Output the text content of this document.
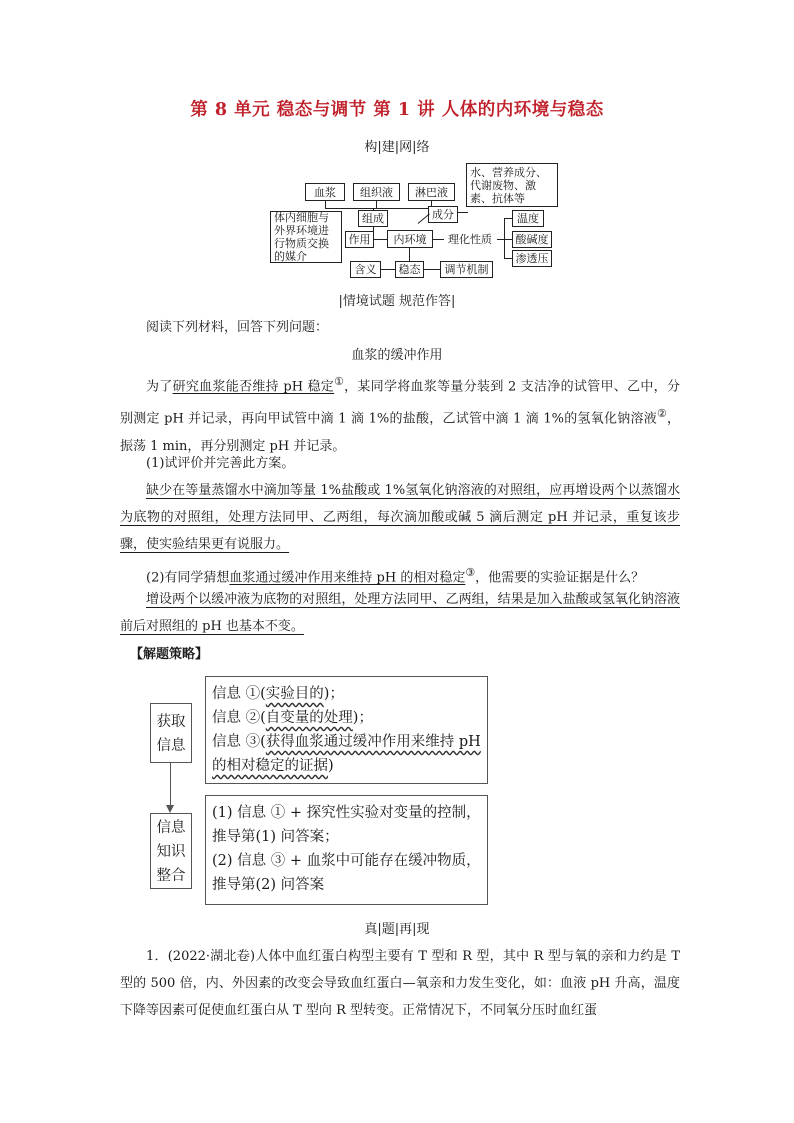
第 8 单元 稳态与调节 第 1 讲 人体的内环境与稳态
构|建|网|络
血浆	组织液	淋巴液
水、营养成分、代谢废物、激素、抗体等
组成	成分
体内细胞与外界环境进行物质交换的媒介
作用	内环境	理化性质
温度
酸碱度
渗透压
含义	稳态	调节机制
|情境试题 规范作答|
阅读下列材料，回答下列问题：
血浆的缓冲作用
为了研究血浆能否维持 pH 稳定①，某同学将血浆等量分装到 2 支洁净的试管甲、乙中，分别测定 pH 并记录，再向甲试管中滴 1 滴 1%的盐酸，乙试管中滴 1 滴 1%的氢氧化钠溶液②，振荡 1 min，再分别测定 pH 并记录。
(1)试评价并完善此方案。
缺少在等量蒸馏水中滴加等量 1%盐酸或 1%氢氧化钠溶液的对照组，应再增设两个以蒸馏水为底物的对照组，处理方法同甲、乙两组，每次滴加酸或碱 5 滴后测定 pH 并记录，重复该步骤，使实验结果更有说服力。
(2)有同学猜想血浆通过缓冲作用来维持 pH 的相对稳定③，他需要的实验证据是什么？
增设两个以缓冲液为底物的对照组，处理方法同甲、乙两组，结果是加入盐酸或氢氧化钠溶液前后对照组的 pH 也基本不变。
【解题策略】
获取信息
信息 ①(实验目的)；
信息 ②(自变量的处理)；
信息 ③(获得血浆通过缓冲作用来维持 pH 的相对稳定的证据)
信息知识整合
(1) 信息 ① + 探究性实验对变量的控制，推导第(1) 问答案；
(2) 信息 ③ + 血浆中可能存在缓冲物质，推导第(2) 问答案
真|题|再|现
1．(2022·湖北卷)人体中血红蛋白构型主要有 T 型和 R 型，其中 R 型与氧的亲和力约是 T 型的 500 倍，内、外因素的改变会导致血红蛋白—氧亲和力发生变化，如：血液 pH 升高，温度下降等因素可促使血红蛋白从 T 型向 R 型转变。正常情况下，不同氧分压时血红蛋
